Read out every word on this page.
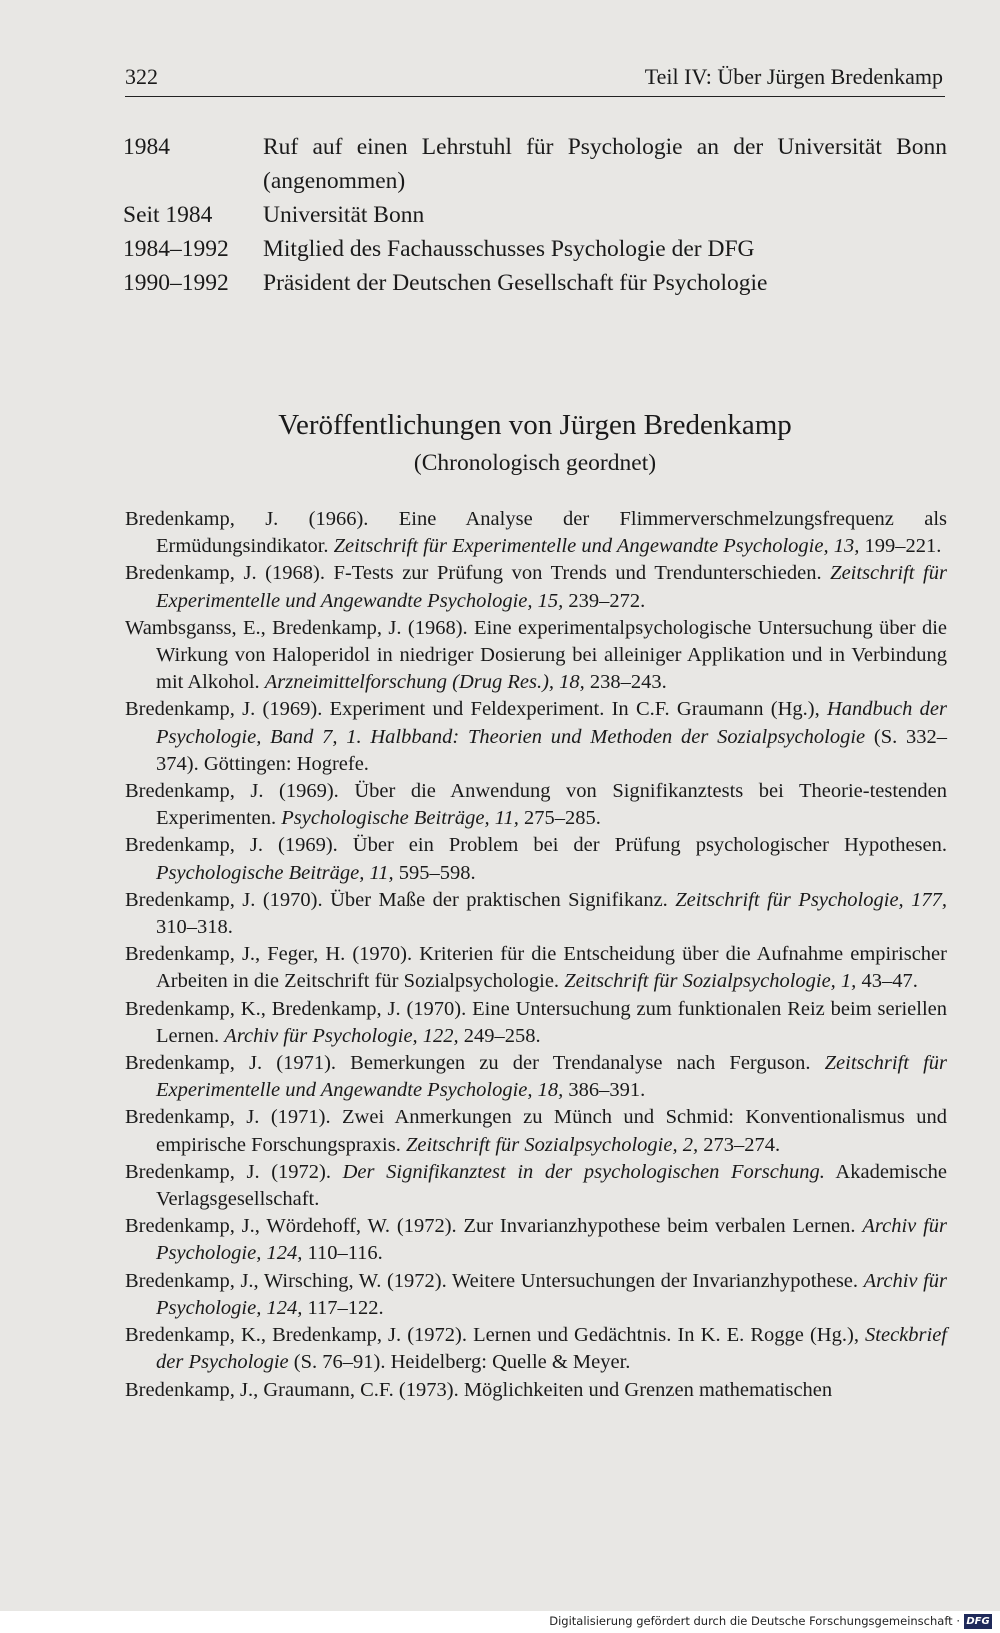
322	Teil IV: Über Jürgen Bredenkamp
1984	Ruf auf einen Lehrstuhl für Psychologie an der Universität Bonn (angenommen)
Seit 1984	Universität Bonn
1984–1992	Mitglied des Fachausschusses Psychologie der DFG
1990–1992	Präsident der Deutschen Gesellschaft für Psychologie
Veröffentlichungen von Jürgen Bredenkamp
(Chronologisch geordnet)

Bredenkamp, J. (1966). Eine Analyse der Flimmerverschmelzungsfrequenz als Ermüdungsindikator. Zeitschrift für Experimentelle und Angewandte Psychologie, 13, 199–221.

Bredenkamp, J. (1968). F-Tests zur Prüfung von Trends und Trendunterschieden. Zeitschrift für Experimentelle und Angewandte Psychologie, 15, 239–272.

Wambsganss, E., Bredenkamp, J. (1968). Eine experimentalpsychologische Untersuchung über die Wirkung von Haloperidol in niedriger Dosierung bei alleiniger Applikation und in Verbindung mit Alkohol. Arzneimittelforschung (Drug Res.), 18, 238–243.

Bredenkamp, J. (1969). Experiment und Feldexperiment. In C.F. Graumann (Hg.), Handbuch der Psychologie, Band 7, 1. Halbband: Theorien und Methoden der Sozialpsychologie (S. 332–374). Göttingen: Hogrefe.

Bredenkamp, J. (1969). Über die Anwendung von Signifikanztests bei Theorie-testenden Experimenten. Psychologische Beiträge, 11, 275–285.

Bredenkamp, J. (1969). Über ein Problem bei der Prüfung psychologischer Hypothesen. Psychologische Beiträge, 11, 595–598.

Bredenkamp, J. (1970). Über Maße der praktischen Signifikanz. Zeitschrift für Psychologie, 177, 310–318.

Bredenkamp, J., Feger, H. (1970). Kriterien für die Entscheidung über die Aufnahme empirischer Arbeiten in die Zeitschrift für Sozialpsychologie. Zeitschrift für Sozialpsychologie, 1, 43–47.

Bredenkamp, K., Bredenkamp, J. (1970). Eine Untersuchung zum funktionalen Reiz beim seriellen Lernen. Archiv für Psychologie, 122, 249–258.

Bredenkamp, J. (1971). Bemerkungen zu der Trendanalyse nach Ferguson. Zeitschrift für Experimentelle und Angewandte Psychologie, 18, 386–391.

Bredenkamp, J. (1971). Zwei Anmerkungen zu Münch und Schmid: Konventionalismus und empirische Forschungspraxis. Zeitschrift für Sozialpsychologie, 2, 273–274.

Bredenkamp, J. (1972). Der Signifikanztest in der psychologischen Forschung. Akademische Verlagsgesellschaft.

Bredenkamp, J., Wördehoff, W. (1972). Zur Invarianzhypothese beim verbalen Lernen. Archiv für Psychologie, 124, 110–116.

Bredenkamp, J., Wirsching, W. (1972). Weitere Untersuchungen der Invarianzhypothese. Archiv für Psychologie, 124, 117–122.

Bredenkamp, K., Bredenkamp, J. (1972). Lernen und Gedächtnis. In K. E. Rogge (Hg.), Steckbrief der Psychologie (S. 76–91). Heidelberg: Quelle & Meyer.

Bredenkamp, J., Graumann, C.F. (1973). Möglichkeiten und Grenzen mathematischen

Digitalisierung gefördert durch die Deutsche Forschungsgemeinschaft · DFG
